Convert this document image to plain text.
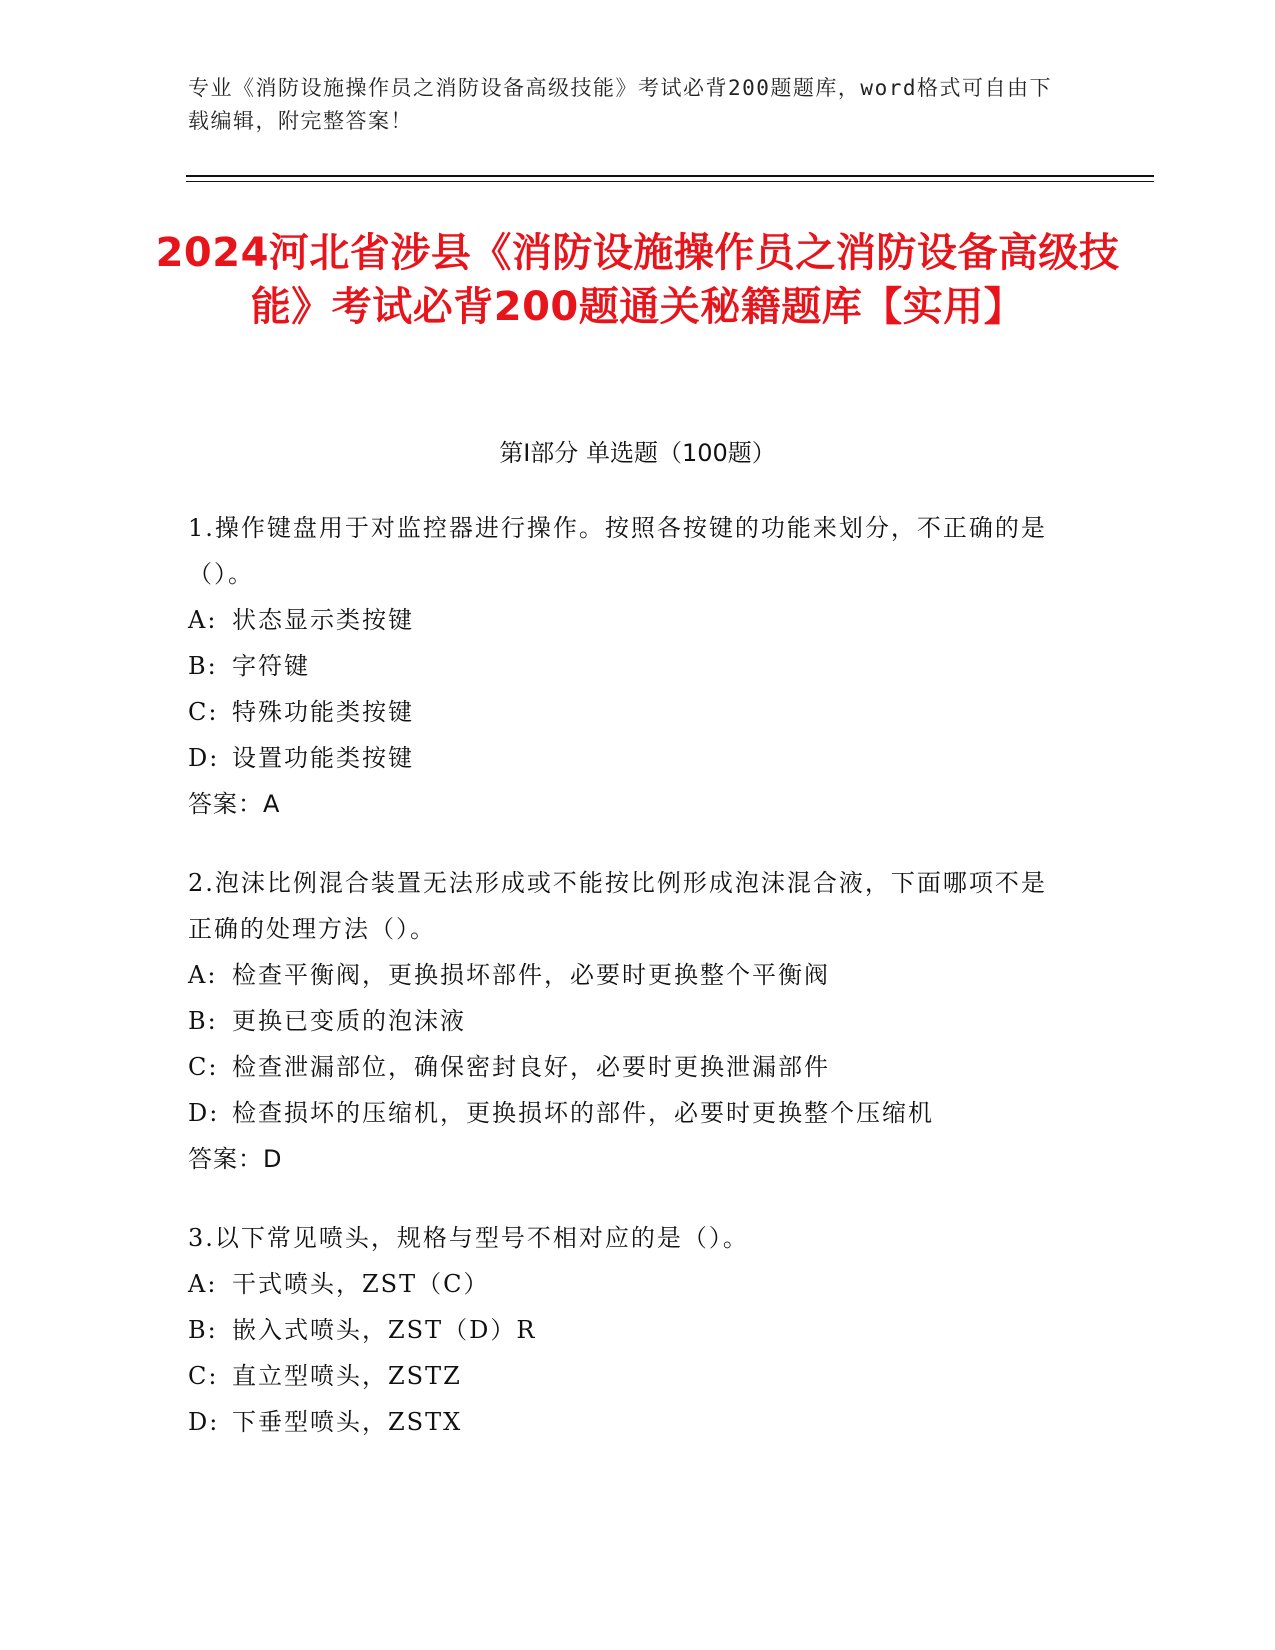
专业《消防设施操作员之消防设备高级技能》考试必背200题题库，word格式可自由下载编辑，附完整答案！
2024河北省涉县《消防设施操作员之消防设备高级技能》考试必背200题通关秘籍题库【实用】
第I部分 单选题（100题）

1.操作键盘用于对监控器进行操作。按照各按键的功能来划分，不正确的是（）。

A: 状态显示类按键

B: 字符键

C: 特殊功能类按键

D: 设置功能类按键

答案：A

2.泡沫比例混合装置无法形成或不能按比例形成泡沫混合液，下面哪项不是正确的处理方法（）。

A: 检查平衡阀，更换损坏部件，必要时更换整个平衡阀

B: 更换已变质的泡沫液

C: 检查泄漏部位，确保密封良好，必要时更换泄漏部件

D: 检查损坏的压缩机，更换损坏的部件，必要时更换整个压缩机

答案：D

3.以下常见喷头，规格与型号不相对应的是（）。

A: 干式喷头，ZST（C）

B: 嵌入式喷头，ZST（D）R

C: 直立型喷头，ZSTZ

D: 下垂型喷头，ZSTX
